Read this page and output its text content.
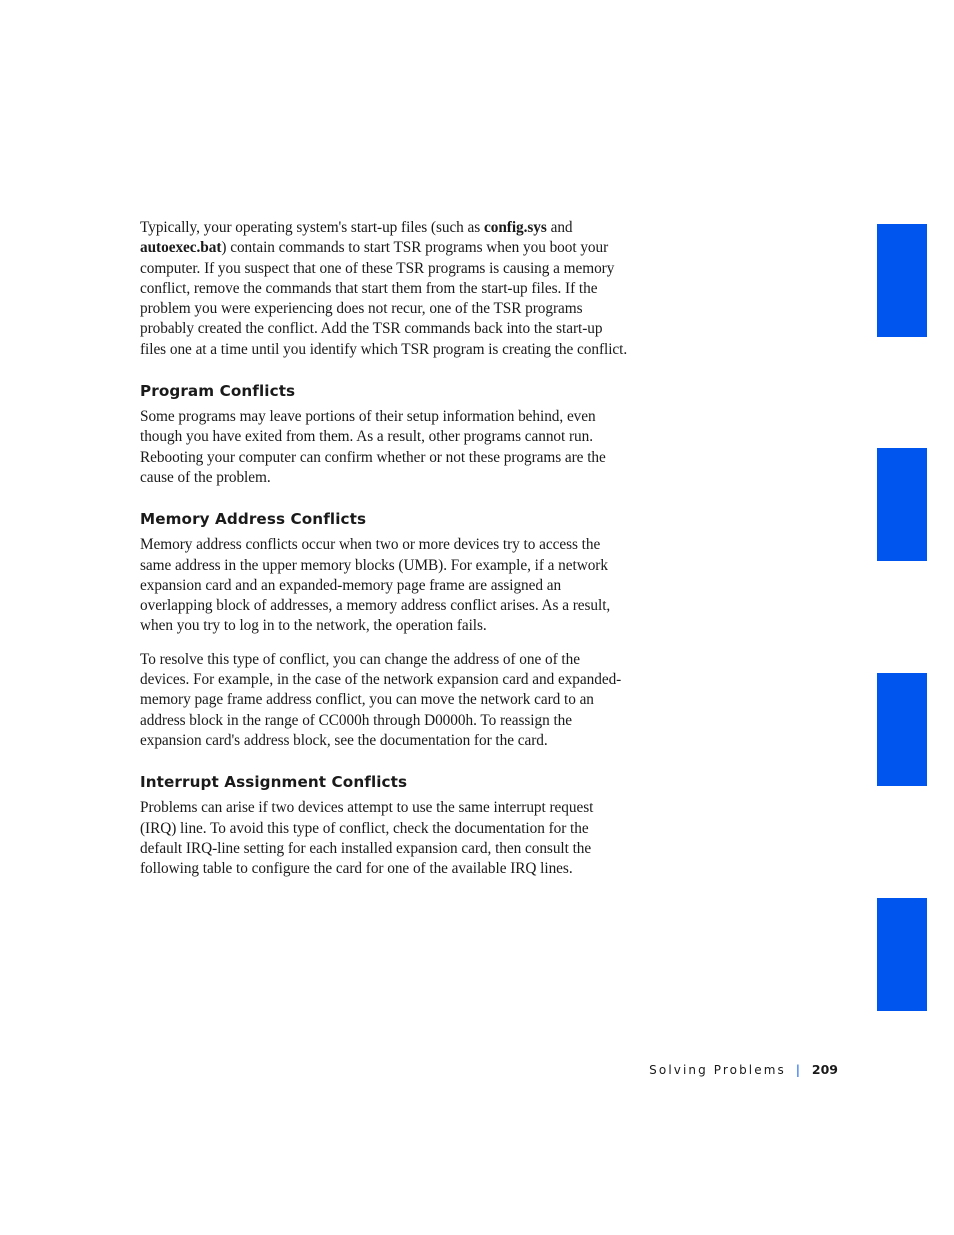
Typically, your operating system's start-up files (such as config.sys and autoexec.bat) contain commands to start TSR programs when you boot your computer. If you suspect that one of these TSR programs is causing a memory conflict, remove the commands that start them from the start-up files. If the problem you were experiencing does not recur, one of the TSR programs probably created the conflict. Add the TSR commands back into the start-up files one at a time until you identify which TSR program is creating the conflict.

Program Conflicts

Some programs may leave portions of their setup information behind, even though you have exited from them. As a result, other programs cannot run. Rebooting your computer can confirm whether or not these programs are the cause of the problem.

Memory Address Conflicts

Memory address conflicts occur when two or more devices try to access the same address in the upper memory blocks (UMB). For example, if a network expansion card and an expanded-memory page frame are assigned an overlapping block of addresses, a memory address conflict arises. As a result, when you try to log in to the network, the operation fails.

To resolve this type of conflict, you can change the address of one of the devices. For example, in the case of the network expansion card and expanded-memory page frame address conflict, you can move the network card to an address block in the range of CC000h through D0000h. To reassign the expansion card's address block, see the documentation for the card.

Interrupt Assignment Conflicts

Problems can arise if two devices attempt to use the same interrupt request (IRQ) line. To avoid this type of conflict, check the documentation for the default IRQ-line setting for each installed expansion card, then consult the following table to configure the card for one of the available IRQ lines.

Solving Problems | 209
